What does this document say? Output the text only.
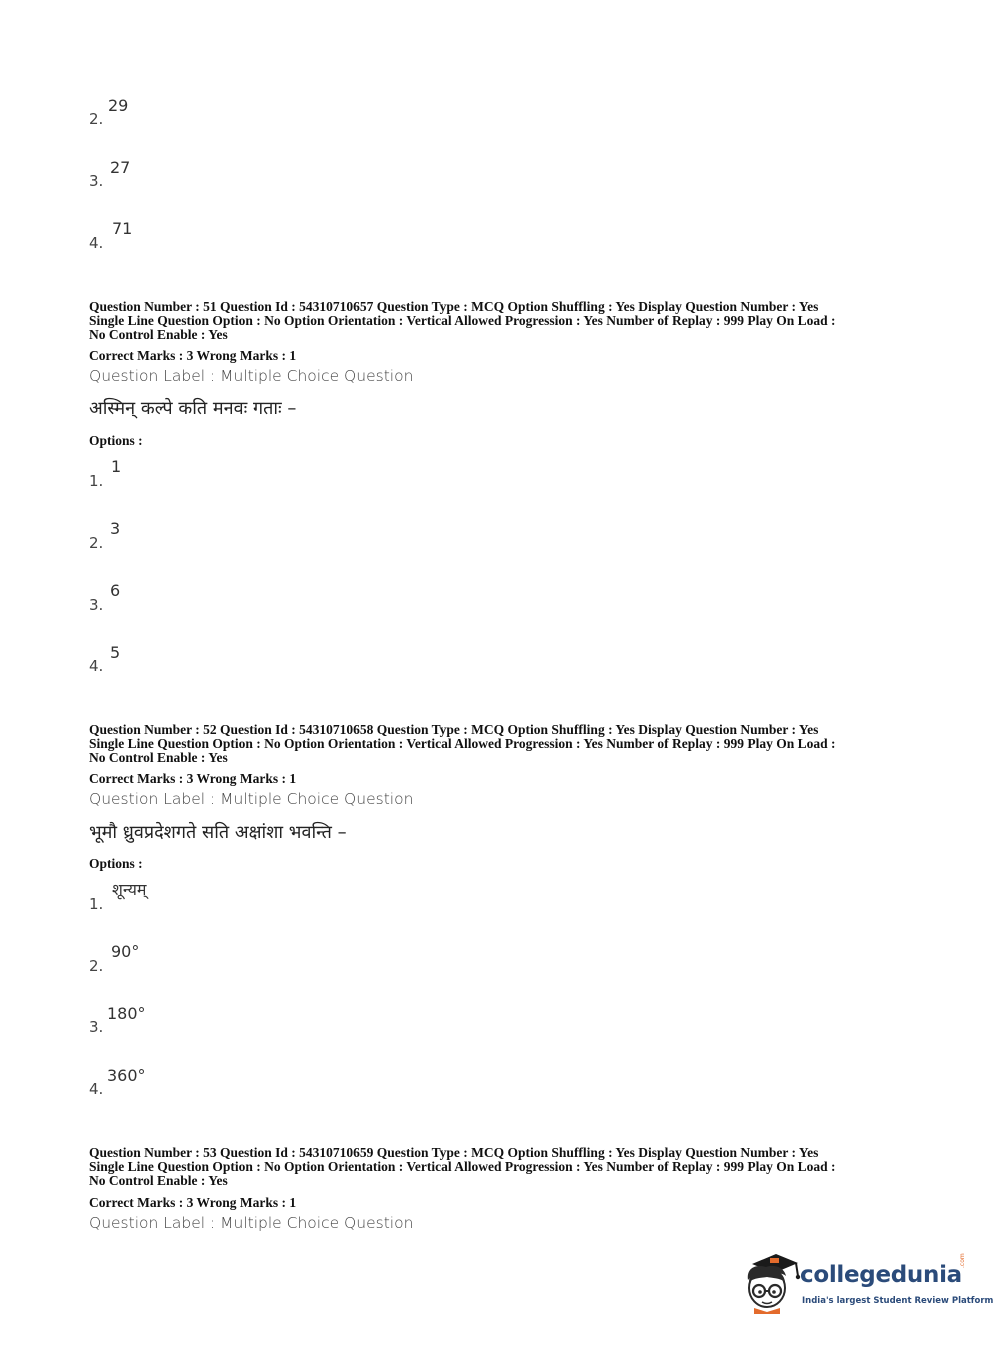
2.
29
3.
27
4.
71
Question Number : 51 Question Id : 54310710657 Question Type : MCQ Option Shuffling : Yes Display Question Number : Yes
Single Line Question Option : No Option Orientation : Vertical Allowed Progression : Yes Number of Replay : 999 Play On Load :
No Control Enable : Yes
Correct Marks : 3 Wrong Marks : 1
Question Label : Multiple Choice Question
अस्मिन् कल्पे कति मनवः गताः –
Options :
1.
1
2.
3
3.
6
4.
5
Question Number : 52 Question Id : 54310710658 Question Type : MCQ Option Shuffling : Yes Display Question Number : Yes
Single Line Question Option : No Option Orientation : Vertical Allowed Progression : Yes Number of Replay : 999 Play On Load :
No Control Enable : Yes
Correct Marks : 3 Wrong Marks : 1
Question Label : Multiple Choice Question
भूमौ ध्रुवप्रदेशगते सति अक्षांशा भवन्ति –
Options :
1.
शून्यम्
2.
90°
3.
180°
4.
360°
Question Number : 53 Question Id : 54310710659 Question Type : MCQ Option Shuffling : Yes Display Question Number : Yes
Single Line Question Option : No Option Orientation : Vertical Allowed Progression : Yes Number of Replay : 999 Play On Load :
No Control Enable : Yes
Correct Marks : 3 Wrong Marks : 1
Question Label : Multiple Choice Question
collegedunia
.com
India's largest Student Review Platform
